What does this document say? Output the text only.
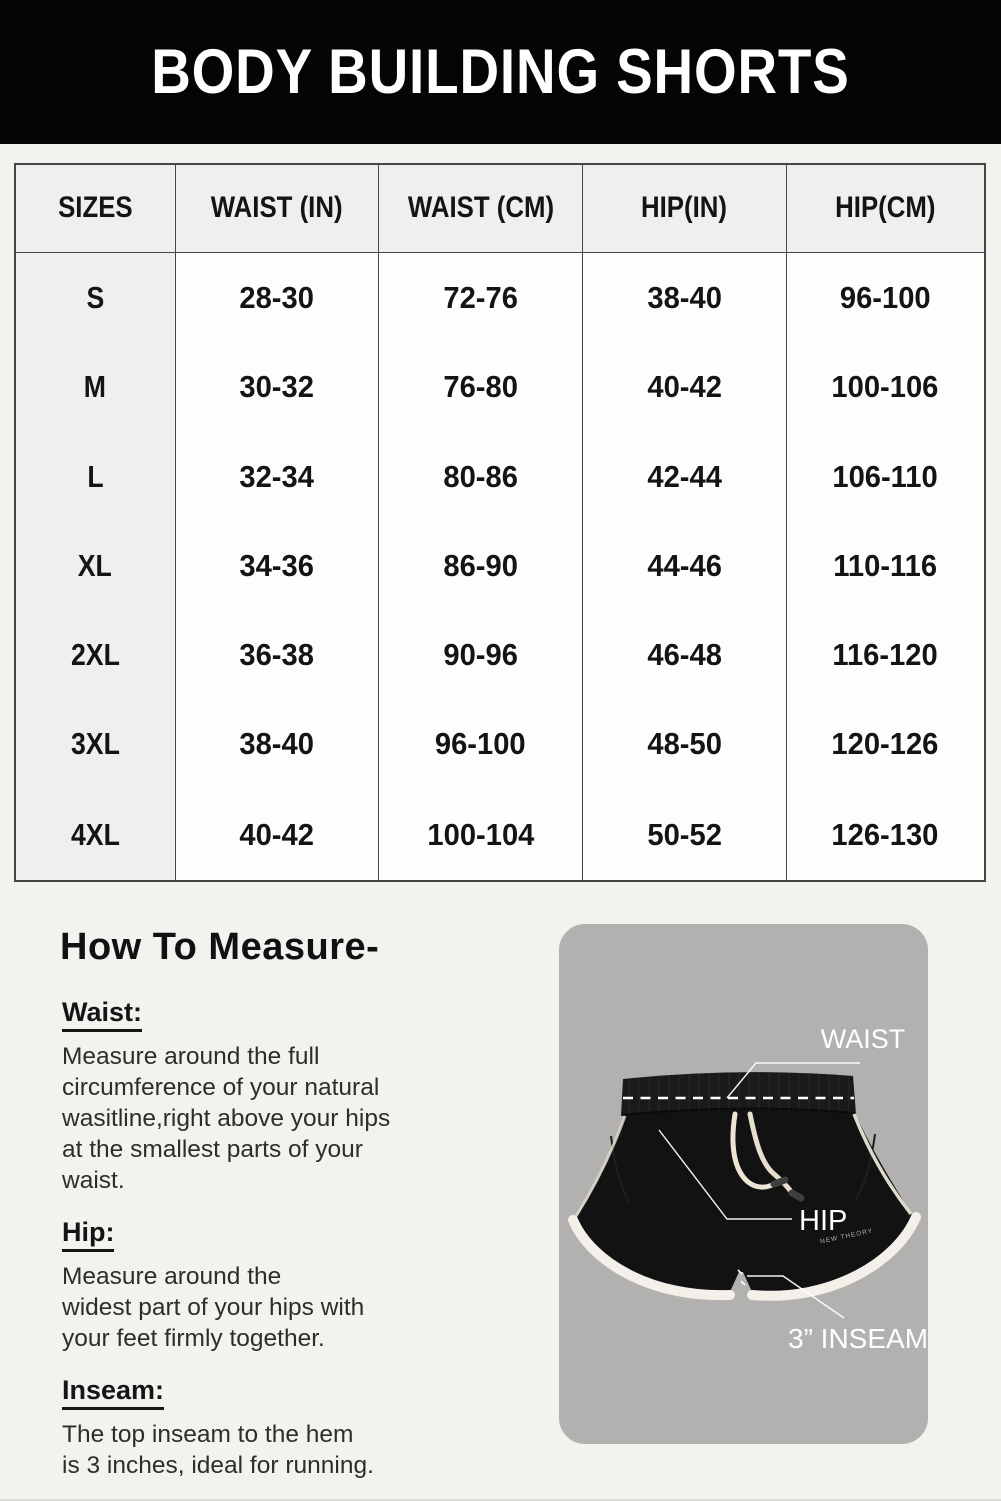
BODY BUILDING SHORTS
SIZES	WAIST (IN)	WAIST (CM)	HIP(IN)	HIP(CM)
S	28-30	72-76	38-40	96-100
M	30-32	76-80	40-42	100-106
L	32-34	80-86	42-44	106-110
XL	34-36	86-90	44-46	110-116
2XL	36-38	90-96	46-48	116-120
3XL	38-40	96-100	48-50	120-126
4XL	40-42	100-104	50-52	126-130
How To Measure-
Waist:
Measure around the full
circumference of your natural
wasitline,right above your hips
at the smallest parts of your
waist.
Hip:
Measure around the
widest part of your hips with
your feet firmly together.
Inseam:
The top inseam to the hem
is 3 inches, ideal for running.
NEW THEORY
WAIST
HIP
3” INSEAM
